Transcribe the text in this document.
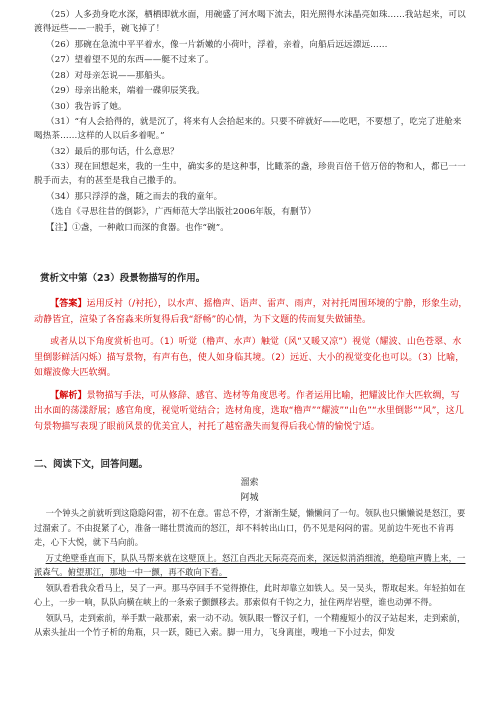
（25）人多劲身吃水深，栖栖即就水面，用碗盛了河水喝下流去，阳光照得水沫晶亮如珠……我站起来，可以渡得远些——一脱手，碗飞掉了！

（26）那碗在急流中平平着水，像一片新嫩的小荷叶，浮着，亲着，向船后远远漂远……

（27）望着望不见的东西——艇不过来了。

（28）对母亲怎说——那船头。

（29）母亲出舱来，端着一碟卯辰笑我。

（30）我告诉了她。

（31）“有人会拾得的，就是沉了，将来有人会拾起来的。只要不碎就好——吃吧，不要想了，吃完了进舱来喝热茶……这样的人以后多着呢。”

（32）最后的那句话，什么意思？

（33）现在回想起来，我的一生中，确实多的是这种事，比瞰茶的盏，珍贵百倍千倍万倍的物和人，都已一一脱手而去，有的甚至是我自己撒手的。

（34）那只浮浮的盏，随之而去的我的童年。

（选自《寻思往昔的倒影》，广西师范大学出版社2006年版，有删节）

【注】①盏，一种敞口而深的食器。也作“碗”。

赏析文中第（23）段景物描写的作用。

【答案】运用反衬（/衬托），以水声、摇橹声、语声、雷声、雨声，对衬托周围环境的宁静，形象生动，动静皆宜，渲染了各窑淼来所复得后我“舒畅”的心情，为下文题的传而复失做铺垫。

或者从以下角度赏析也可。（1）听觉（橹声、水声）触觉（风“又暖又凉”）视觉（耀波、山色苍翠、水里倒影鲜活闪烁）描写景物，有声有色，使人如身临其境。（2）远近、大小的视觉变化也可以。（3）比喻，如耀波像大匹软绸。

【解析】景物描写手法，可从修辞、感官、选材等角度思考。作者运用比喻，把耀波比作大匹软绸，写出水面的荡漾舒展；感官角度，视觉听觉结合；选材角度，选取“橹声”“耀波”“山色”“水里倒影”“风”，这几句景物描写表现了眼前风景的优美宜人，衬托了越窑盏失而复得后我心情的愉悦宁适。

二、阅读下文，回答问题。
溜索
阿城

一个钟头之前就听到这隐隐闷雷，初不在意。雷总不停，才渐渐生疑，懒懒问了一句。领队也只懒懒说是怒江，要过溜索了。不由捉紧了心，准备一睹壮贯流而的怒江，却不料转出山口，仍不见是闷闷的雷。见前边牛死也不肯再走，心下大悦，就下马向前。

万丈绝壁垂直而下，队队马帮来就在这壁顶上。怒江自西北天际亮亮而来，深远似消消细流，绝稳喧声腾上来，一派森气。俯望那江，那地一中一颤，再不敢向下看。

领队看看我众看马上，吴了一声。那马亭回手不觉得撩住，此时却靠立如铁人。吴一吴头，帮取起来。年轻拍如在心上，一步一响，队队向横在峡上的一条索子颤颤移去。那索似有千钧之力，扯住两岸岩壁，谁也动弹不得。

领队马，走到索前，举手默一敲那索，索一动不动。领队眼一瞥汉子们，一个精瘦短小的汉子站起来，走到索前，从索头扯出一个竹子析的角瓶，只一跃，随已入索。脚一用力，飞身离崖，嗖地一下小过去，仰发
